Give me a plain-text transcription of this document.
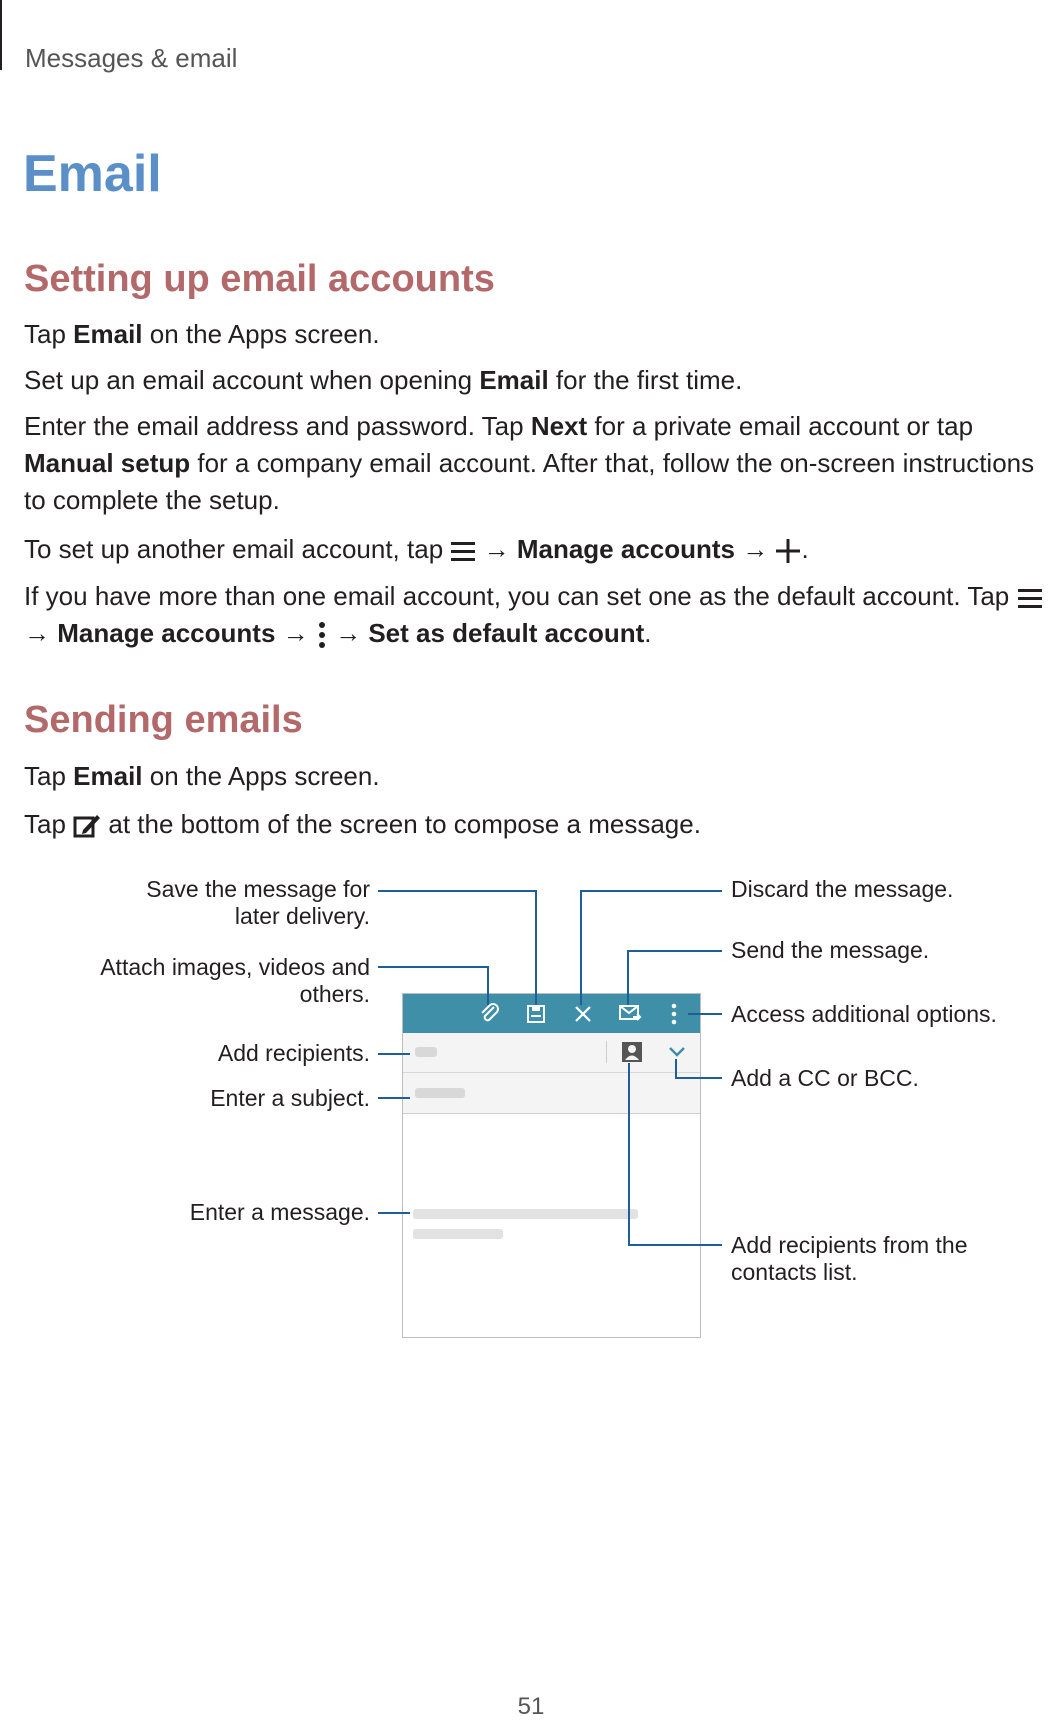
Messages & email
Email
Setting up email accounts
Tap Email on the Apps screen.
Set up an email account when opening Email for the first time.
Enter the email address and password. Tap Next for a private email account or tap Manual setup for a company email account. After that, follow the on-screen instructions to complete the setup.
To set up another email account, tap  → Manage accounts → .
If you have more than one email account, you can set one as the default account. Tap  → Manage accounts →  → Set as default account.
Sending emails
Tap Email on the Apps screen.
Tap  at the bottom of the screen to compose a message.
Save the message for later delivery.
Attach images, videos and others.
Add recipients.
Enter a subject.
Enter a message.
Discard the message.
Send the message.
Access additional options.
Add a CC or BCC.
Add recipients from the contacts list.
51
